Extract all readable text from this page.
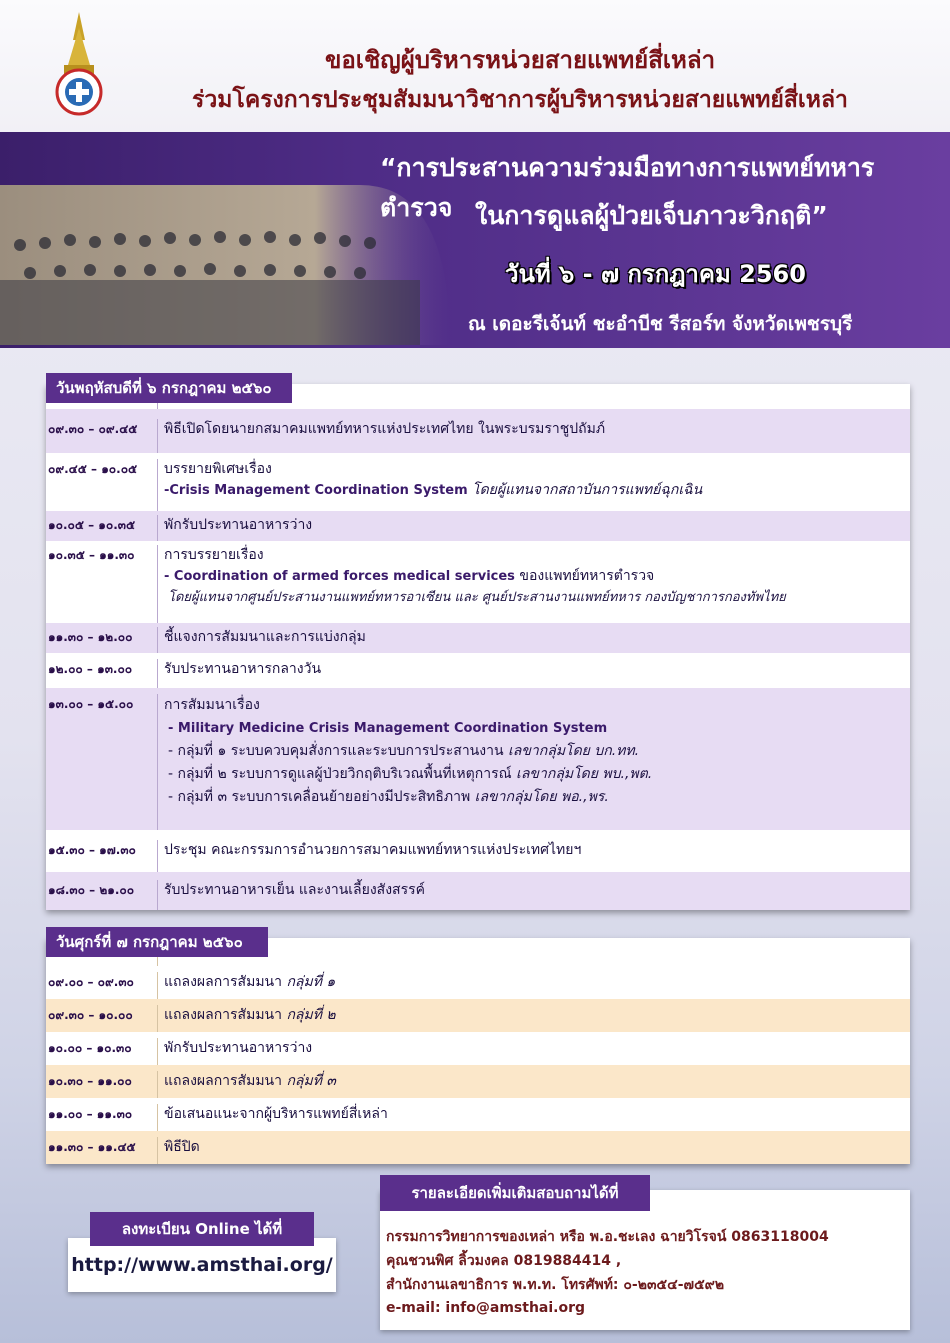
ขอเชิญผู้บริหารหน่วยสายแพทย์สี่เหล่า
ร่วมโครงการประชุมสัมมนาวิชาการผู้บริหารหน่วยสายแพทย์สี่เหล่า
“การประสานความร่วมมือทางการแพทย์ทหารตำรวจ ในการดูแลผู้ป่วยเจ็บภาวะวิกฤติ”
วันที่ ๖ - ๗ กรกฎาคม 2560
ณ เดอะรีเจ้นท์ ชะอำบีช รีสอร์ท จังหวัดเพชรบุรี
วันพฤหัสบดีที่ ๖ กรกฎาคม ๒๕๖๐
๐๙.๓๐ – ๐๙.๔๕	พิธีเปิดโดยนายกสมาคมแพทย์ทหารแห่งประเทศไทย ในพระบรมราชูปถัมภ์
๐๙.๔๕ – ๑๐.๐๕	บรรยายพิเศษเรื่อง
-Crisis Management Coordination System โดยผู้แทนจากสถาบันการแพทย์ฉุกเฉิน
๑๐.๐๕ – ๑๐.๓๕	พักรับประทานอาหารว่าง
๑๐.๓๕ – ๑๑.๓๐	การบรรยายเรื่อง
- Coordination of armed forces medical services ของแพทย์ทหารตำรวจ
โดยผู้แทนจากศูนย์ประสานงานแพทย์ทหารอาเซียน และ ศูนย์ประสานงานแพทย์ทหาร กองบัญชาการกองทัพไทย
๑๑.๓๐ – ๑๒.๐๐	ชี้แจงการสัมมนาและการแบ่งกลุ่ม
๑๒.๐๐ – ๑๓.๐๐	รับประทานอาหารกลางวัน
๑๓.๐๐ – ๑๕.๐๐	การสัมมนาเรื่อง
- Military Medicine Crisis Management Coordination System
- กลุ่มที่ ๑ ระบบควบคุมสั่งการและระบบการประสานงาน เลขากลุ่มโดย บก.ทท.
- กลุ่มที่ ๒ ระบบการดูแลผู้ป่วยวิกฤติบริเวณพื้นที่เหตุการณ์ เลขากลุ่มโดย พบ.,พต.
- กลุ่มที่ ๓ ระบบการเคลื่อนย้ายอย่างมีประสิทธิภาพ เลขากลุ่มโดย พอ.,พร.
๑๕.๓๐ – ๑๗.๓๐	ประชุม คณะกรรมการอำนวยการสมาคมแพทย์ทหารแห่งประเทศไทยฯ
๑๘.๓๐ – ๒๑.๐๐	รับประทานอาหารเย็น และงานเลี้ยงสังสรรค์
วันศุกร์ที่ ๗ กรกฎาคม ๒๕๖๐
๐๙.๐๐ – ๐๙.๓๐	แถลงผลการสัมมนา กลุ่มที่ ๑
๐๙.๓๐ – ๑๐.๐๐	แถลงผลการสัมมนา กลุ่มที่ ๒
๑๐.๐๐ – ๑๐.๓๐	พักรับประทานอาหารว่าง
๑๐.๓๐ – ๑๑.๐๐	แถลงผลการสัมมนา กลุ่มที่ ๓
๑๑.๐๐ – ๑๑.๓๐	ข้อเสนอแนะจากผู้บริหารแพทย์สี่เหล่า
๑๑.๓๐ – ๑๑.๔๕	พิธีปิด
กรรมการวิทยาการของเหล่า หรือ พ.อ.ชะเลง ฉายวิโรจน์ 0863118004
คุณชวนพิศ ลิ้วมงคล 0819884414 ,
สำนักงานเลขาธิการ พ.ท.ท. โทรศัพท์: ๐-๒๓๕๔-๗๕๙๒
e-mail: info@amsthai.org
รายละเอียดเพิ่มเติมสอบถามได้ที่
http://www.amsthai.org/
ลงทะเบียน Online ได้ที่
